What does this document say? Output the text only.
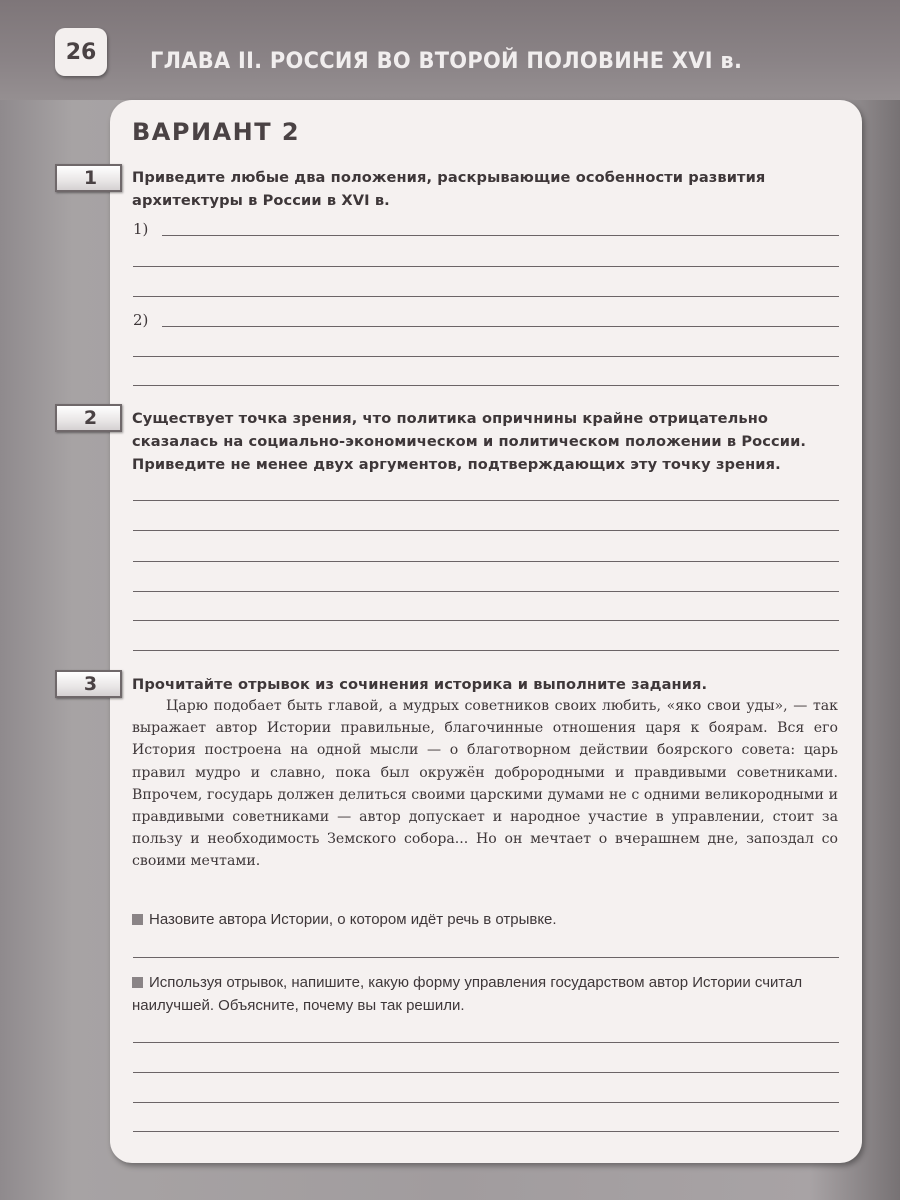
26	ГЛАВА II. РОССИЯ ВО ВТОРОЙ ПОЛОВИНЕ XVI в.
ВАРИАНТ 2
1	Приведите любые два положения, раскрывающие особенности развития архитектуры в России в XVI в.
1)
2)
2	Существует точка зрения, что политика опричнины крайне отрицательно сказалась на социально-экономическом и политическом положении в России. Приведите не менее двух аргументов, подтверждающих эту точку зрения.
3	Прочитайте отрывок из сочинения историка и выполните задания.

Царю подобает быть главой, а мудрых советников своих любить, «яко свои уды», — так выражает автор Истории правильные, благочинные отношения царя к боярам. Вся его История построена на одной мысли — о благотворном действии боярского совета: царь правил мудро и славно, пока был окружён доброродными и правдивыми советниками. Впрочем, государь должен делиться своими царскими думами не с одними великородными и правдивыми советниками — автор допускает и народное участие в управлении, стоит за пользу и необходимость Земского собора... Но он мечтает о вчерашнем дне, запоздал со своими мечтами.

Назовите автора Истории, о котором идёт речь в отрывке.
Используя отрывок, напишите, какую форму управления государством автор Истории считал наилучшей. Объясните, почему вы так решили.
